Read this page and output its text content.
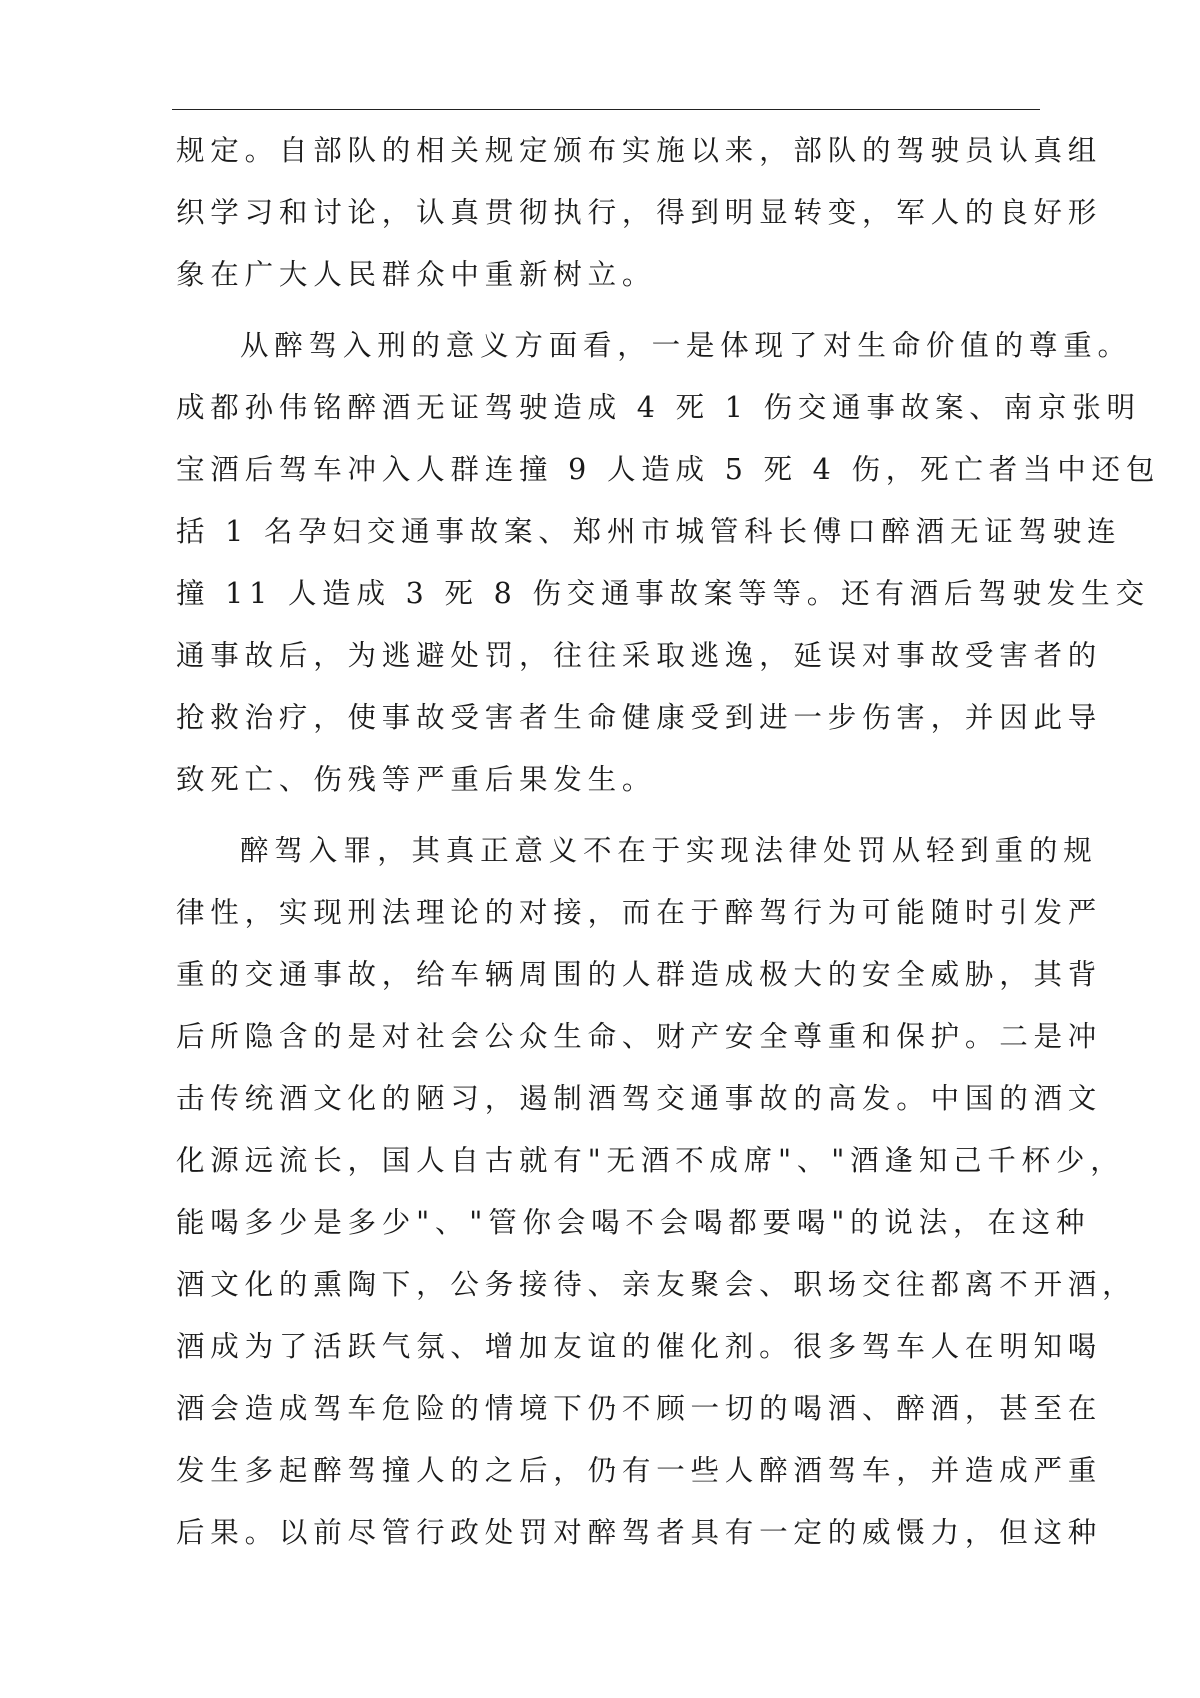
规定。自部队的相关规定颁布实施以来，部队的驾驶员认真组
织学习和讨论，认真贯彻执行，得到明显转变，军人的良好形
象在广大人民群众中重新树立。

从醉驾入刑的意义方面看，一是体现了对生命价值的尊重。
成都孙伟铭醉酒无证驾驶造成 4 死 1 伤交通事故案、南京张明
宝酒后驾车冲入人群连撞 9 人造成 5 死 4 伤，死亡者当中还包
括 1 名孕妇交通事故案、郑州市城管科长傅口醉酒无证驾驶连
撞 11 人造成 3 死 8 伤交通事故案等等。还有酒后驾驶发生交
通事故后，为逃避处罚，往往采取逃逸，延误对事故受害者的
抢救治疗，使事故受害者生命健康受到进一步伤害，并因此导
致死亡、伤残等严重后果发生。

醉驾入罪，其真正意义不在于实现法律处罚从轻到重的规
律性，实现刑法理论的对接，而在于醉驾行为可能随时引发严
重的交通事故，给车辆周围的人群造成极大的安全威胁，其背
后所隐含的是对社会公众生命、财产安全尊重和保护。二是冲
击传统酒文化的陋习，遏制酒驾交通事故的高发。中国的酒文
化源远流长，国人自古就有"无酒不成席"、"酒逢知己千杯少，
能喝多少是多少"、"管你会喝不会喝都要喝"的说法，在这种
酒文化的熏陶下，公务接待、亲友聚会、职场交往都离不开酒，
酒成为了活跃气氛、增加友谊的催化剂。很多驾车人在明知喝
酒会造成驾车危险的情境下仍不顾一切的喝酒、醉酒，甚至在
发生多起醉驾撞人的之后，仍有一些人醉酒驾车，并造成严重
后果。以前尽管行政处罚对醉驾者具有一定的威慑力，但这种
